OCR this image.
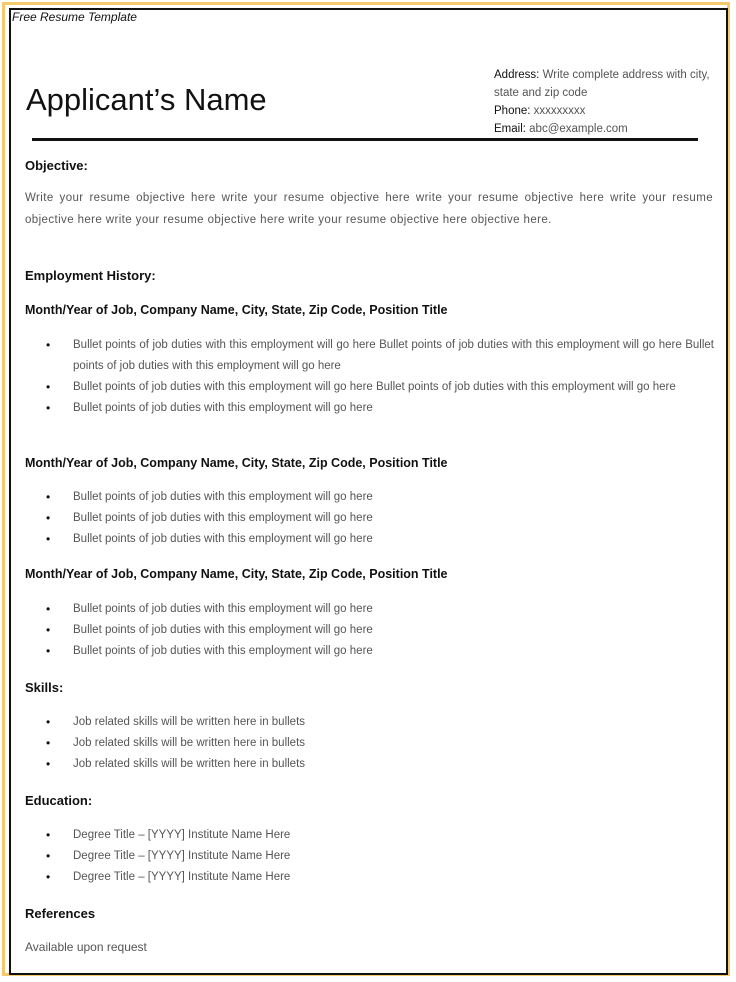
Free Resume Template
Applicant’s Name
Address: Write complete address with city, state and zip code
Phone: xxxxxxxxx
Email: abc@example.com
Objective:
Write your resume objective here write your resume objective here write your resume objective here write your resume objective here write your resume objective here write your resume objective here objective here.
Employment History:
Month/Year of Job, Company Name, City, State, Zip Code, Position Title
• Bullet points of job duties with this employment will go here Bullet points of job duties with this employment will go here Bullet points of job duties with this employment will go here
• Bullet points of job duties with this employment will go here Bullet points of job duties with this employment will go here
• Bullet points of job duties with this employment will go here
Month/Year of Job, Company Name, City, State, Zip Code, Position Title
• Bullet points of job duties with this employment will go here
• Bullet points of job duties with this employment will go here
• Bullet points of job duties with this employment will go here
Month/Year of Job, Company Name, City, State, Zip Code, Position Title
• Bullet points of job duties with this employment will go here
• Bullet points of job duties with this employment will go here
• Bullet points of job duties with this employment will go here
Skills:
• Job related skills will be written here in bullets
• Job related skills will be written here in bullets
• Job related skills will be written here in bullets
Education:
• Degree Title – [YYYY] Institute Name Here
• Degree Title – [YYYY] Institute Name Here
• Degree Title – [YYYY] Institute Name Here
References
Available upon request
